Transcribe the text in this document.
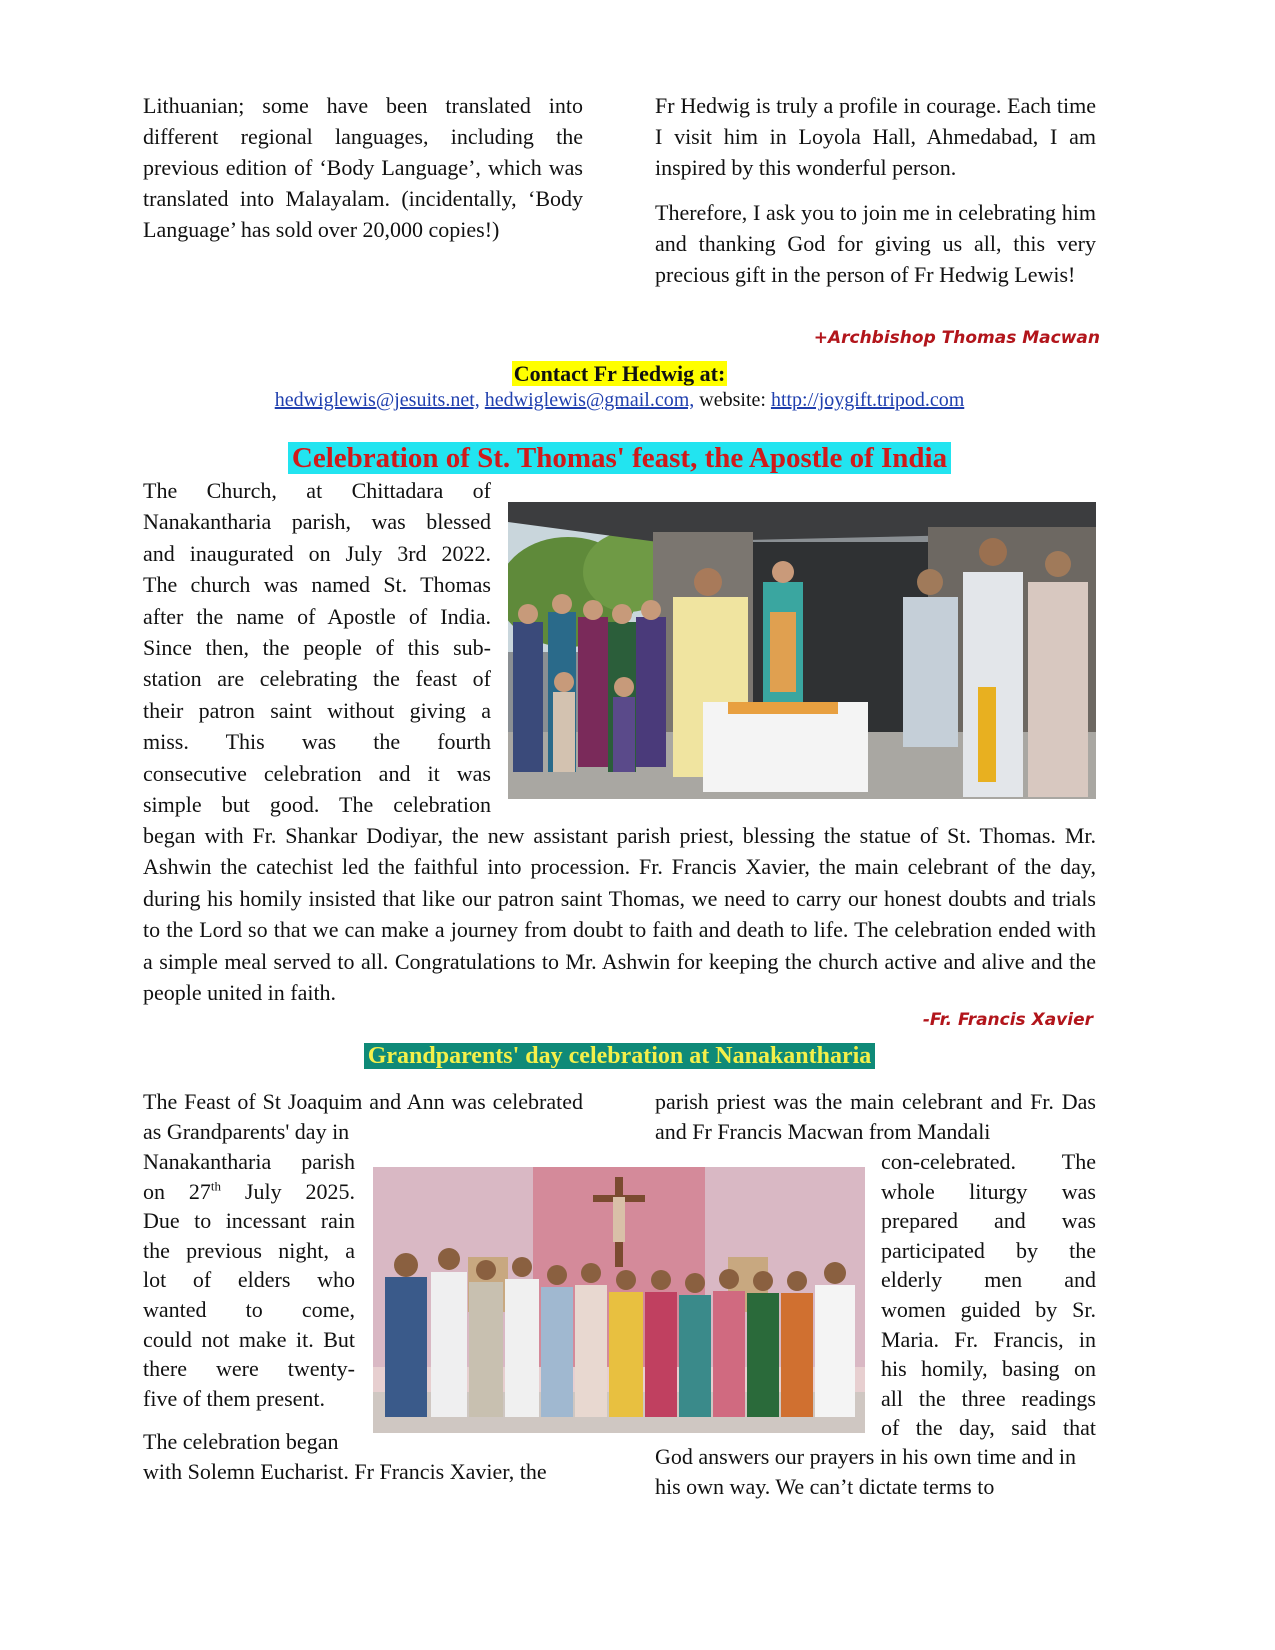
Lithuanian; some have been translated into different regional languages, including the previous edition of ‘Body Language’, which was translated into Malayalam. (incidentally, ‘Body Language’ has sold over 20,000 copies!)

Fr Hedwig is truly a profile in courage. Each time I visit him in Loyola Hall, Ahmedabad, I am inspired by this wonderful person.

Therefore, I ask you to join me in celebrating him and thanking God for giving us all, this very precious gift in the person of Fr Hedwig Lewis!

+Archbishop Thomas Macwan
Contact Fr Hedwig at:
hedwiglewis@jesuits.net, hedwiglewis@gmail.com, website: http://joygift.tripod.com
Celebration of St. Thomas' feast, the Apostle of India
The Church, at Chittadara of
Nanakantharia parish, was blessed
and inaugurated on July 3rd 2022.
The church was named St. Thomas
after the name of Apostle of India.
Since then, the people of this sub-
station are celebrating the feast of
their patron saint without giving a
miss. This was the fourth
consecutive celebration and it was
simple but good. The celebration

began with Fr. Shankar Dodiyar, the new assistant parish priest, blessing the statue of St. Thomas. Mr. Ashwin the catechist led the faithful into procession. Fr. Francis Xavier, the main celebrant of the day, during his homily insisted that like our patron saint Thomas, we need to carry our honest doubts and trials to the Lord so that we can make a journey from doubt to faith and death to life. The celebration ended with a simple meal served to all. Congratulations to Mr. Ashwin for keeping the church active and alive and the people united in faith.

-Fr. Francis Xavier
Grandparents' day celebration at Nanakantharia

The Feast of St Joaquim and Ann was celebrated as Grandparents' day in

Nanakantharia parish
on 27th July 2025.
Due to incessant rain
the previous night, a
lot of elders who
wanted to come,
could not make it. But
there were twenty-
five of them present.
The celebration began
with Solemn Eucharist. Fr Francis Xavier, the

parish priest was the main celebrant and Fr. Das and Fr Francis Macwan from Mandali

con-celebrated. The
whole liturgy was
prepared and was
participated by the
elderly men and
women guided by Sr.
Maria. Fr. Francis, in
his homily, basing on
all the three readings
of the day, said that

God answers our prayers in his own time and in his own way. We can’t dictate terms to
